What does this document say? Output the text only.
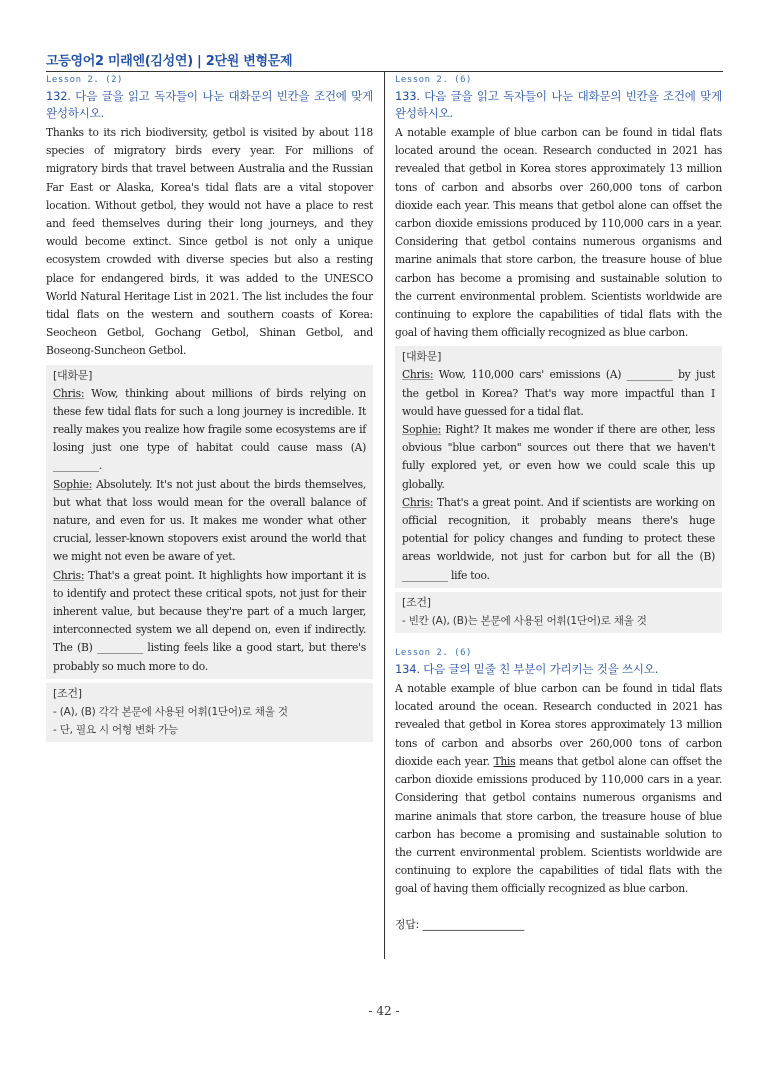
고등영어2 미래엔(김성연) | 2단원 변형문제
Lesson 2. (2)
132. 다음 글을 읽고 독자들이 나눈 대화문의 빈칸을 조건에 맞게 완성하시오.

Thanks to its rich biodiversity, getbol is visited by about 118 species of migratory birds every year. For millions of migratory birds that travel between Australia and the Russian Far East or Alaska, Korea's tidal flats are a vital stopover location. Without getbol, they would not have a place to rest and feed themselves during their long journeys, and they would become extinct. Since getbol is not only a unique ecosystem crowded with diverse species but also a resting place for endangered birds, it was added to the UNESCO World Natural Heritage List in 2021. The list includes the four tidal flats on the western and southern coasts of Korea: Seocheon Getbol, Gochang Getbol, Shinan Getbol, and Boseong-Suncheon Getbol.

[대화문]

Chris: Wow, thinking about millions of birds relying on these few tidal flats for such a long journey is incredible. It really makes you realize how fragile some ecosystems are if losing just one type of habitat could cause mass (A) _________.

Sophie: Absolutely. It's not just about the birds themselves, but what that loss would mean for the overall balance of nature, and even for us. It makes me wonder what other crucial, lesser-known stopovers exist around the world that we might not even be aware of yet.

Chris: That's a great point. It highlights how important it is to identify and protect these critical spots, not just for their inherent value, but because they're part of a much larger, interconnected system we all depend on, even if indirectly. The (B) _________ listing feels like a good start, but there's probably so much more to do.

[조건]
- (A), (B) 각각 본문에 사용된 어휘(1단어)로 채울 것
- 단, 필요 시 어형 변화 가능
Lesson 2. (6)
133. 다음 글을 읽고 독자들이 나눈 대화문의 빈칸을 조건에 맞게 완성하시오.

A notable example of blue carbon can be found in tidal flats located around the ocean. Research conducted in 2021 has revealed that getbol in Korea stores approximately 13 million tons of carbon and absorbs over 260,000 tons of carbon dioxide each year. This means that getbol alone can offset the carbon dioxide emissions produced by 110,000 cars in a year. Considering that getbol contains numerous organisms and marine animals that store carbon, the treasure house of blue carbon has become a promising and sustainable solution to the current environmental problem. Scientists worldwide are continuing to explore the capabilities of tidal flats with the goal of having them officially recognized as blue carbon.

[대화문]

Chris: Wow, 110,000 cars' emissions (A) _________ by just the getbol in Korea? That's way more impactful than I would have guessed for a tidal flat.

Sophie: Right? It makes me wonder if there are other, less obvious "blue carbon" sources out there that we haven't fully explored yet, or even how we could scale this up globally.

Chris: That's a great point. And if scientists are working on official recognition, it probably means there's huge potential for policy changes and funding to protect these areas worldwide, not just for carbon but for all the (B) _________ life too.

[조건]
- 빈칸 (A), (B)는 본문에 사용된 어휘(1단어)로 채울 것
Lesson 2. (6)
134. 다음 글의 밑줄 친 부분이 가리키는 것을 쓰시오.

A notable example of blue carbon can be found in tidal flats located around the ocean. Research conducted in 2021 has revealed that getbol in Korea stores approximately 13 million tons of carbon and absorbs over 260,000 tons of carbon dioxide each year. This means that getbol alone can offset the carbon dioxide emissions produced by 110,000 cars in a year. Considering that getbol contains numerous organisms and marine animals that store carbon, the treasure house of blue carbon has become a promising and sustainable solution to the current environmental problem. Scientists worldwide are continuing to explore the capabilities of tidal flats with the goal of having them officially recognized as blue carbon.

정답: ___________________
- 42 -
